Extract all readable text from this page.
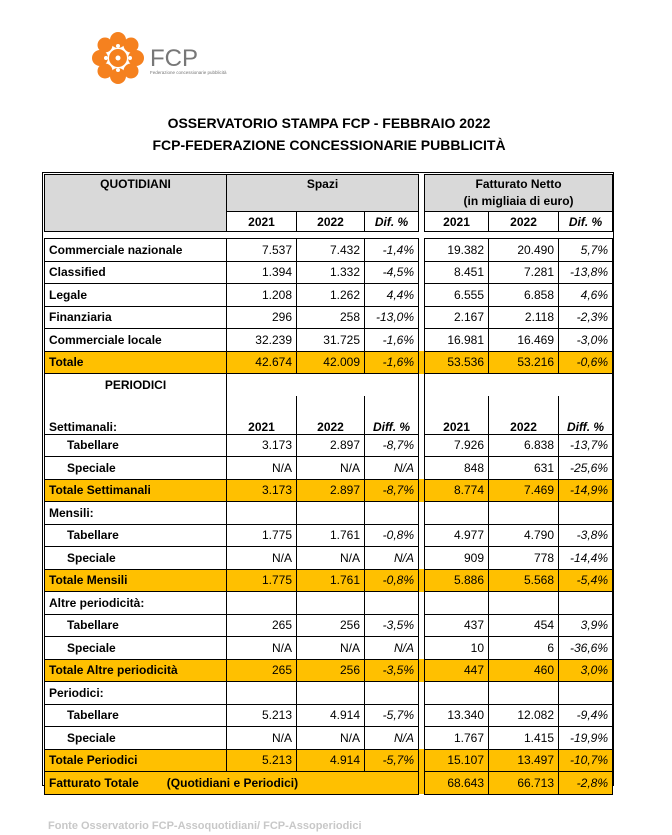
FCP
Federazione concessionarie pubblicità
OSSERVATORIO STAMPA FCP - FEBBRAIO 2022
FCP-FEDERAZIONE CONCESSIONARIE PUBBLICITÀ
QUOTIDIANI	Spazi				Fatturato Netto
(in migliaia di euro)		

	2021	2022	Dif. %		2021	2022	Dif. %

Commerciale nazionale	7.537	7.432	-1,4%		19.382	20.490	5,7%
Classified	1.394	1.332	-4,5%		8.451	7.281	-13,8%
Legale	1.208	1.262	4,4%		6.555	6.858	4,6%
Finanziaria	296	258	-13,0%		2.167	2.118	-2,3%
Commerciale locale	32.239	31.725	-1,6%		16.981	16.469	-3,0%
Totale	42.674	42.009	-1,6%		53.536	53.216	-0,6%
PERIODICI							
Settimanali:	2021	2022	Diff. %		2021	2022	Diff. %
Tabellare	3.173	2.897	-8,7%		7.926	6.838	-13,7%
Speciale	N/A	N/A	N/A		848	631	-25,6%
Totale Settimanali	3.173	2.897	-8,7%		8.774	7.469	-14,9%
Mensili:							
Tabellare	1.775	1.761	-0,8%		4.977	4.790	-3,8%
Speciale	N/A	N/A	N/A		909	778	-14,4%
Totale Mensili	1.775	1.761	-0,8%		5.886	5.568	-5,4%
Altre periodicità:							
Tabellare	265	256	-3,5%		437	454	3,9%
Speciale	N/A	N/A	N/A		10	6	-36,6%
Totale Altre periodicità	265	256	-3,5%		447	460	3,0%
Periodici:							
Tabellare	5.213	4.914	-5,7%		13.340	12.082	-9,4%
Speciale	N/A	N/A	N/A		1.767	1.415	-19,9%
Totale Periodici	5.213	4.914	-5,7%		15.107	13.497	-10,7%
Fatturato Totale (Quotidiani e Periodici)					68.643	66.713	-2,8%
Fonte Osservatorio FCP-Assoquotidiani/ FCP-Assoperiodici
